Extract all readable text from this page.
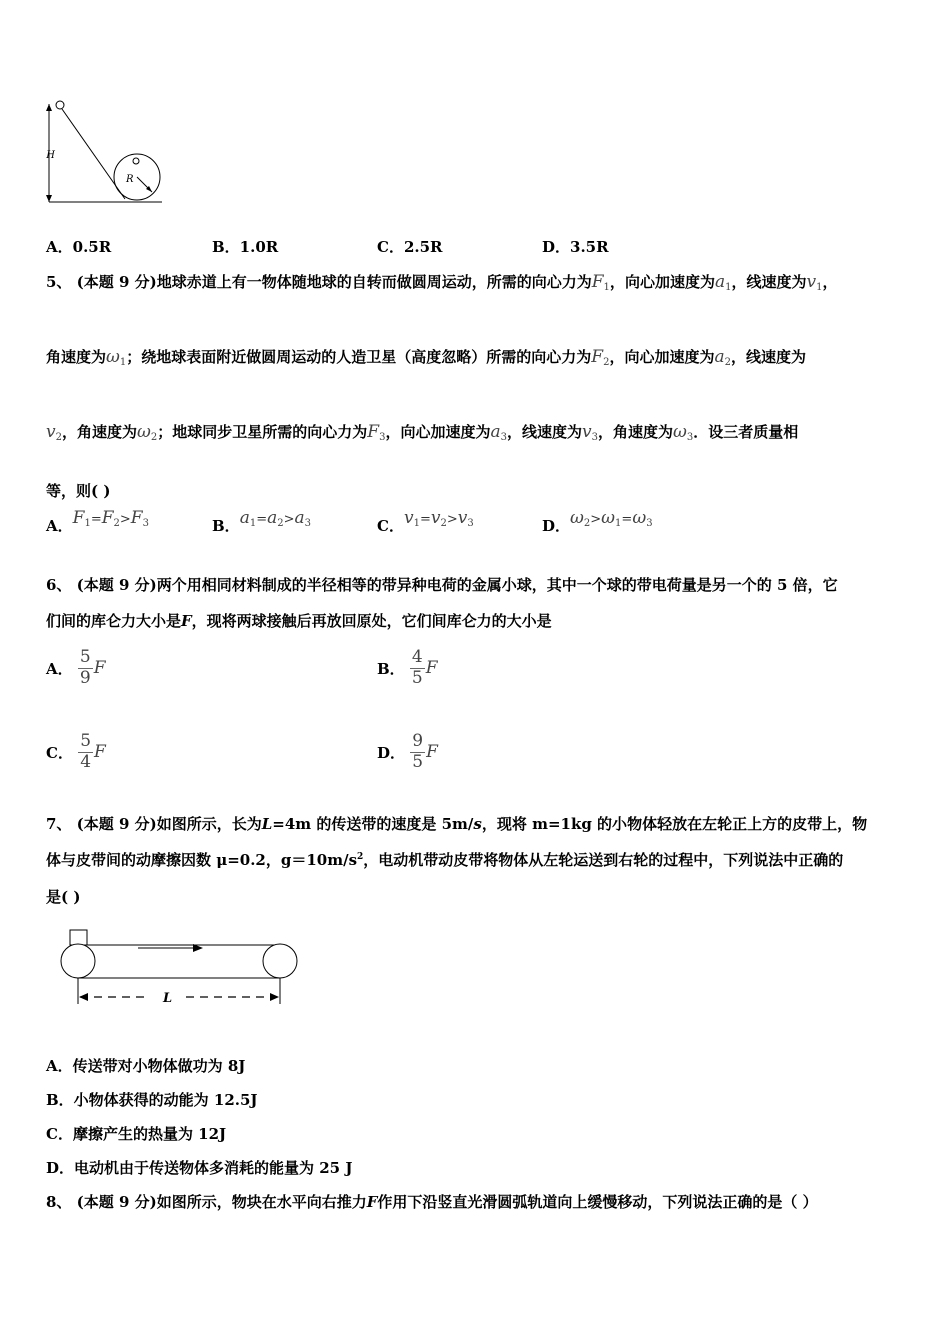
H
R
A．0.5R	B．1.0R	C．2.5R	D．3.5R
5、 (本题 9 分)地球赤道上有一物体随地球的自转而做圆周运动，所需的向心力为$F_1$，向心加速度为$a_1$，线速度为$v_1$，
角速度为$\omega_1$；绕地球表面附近做圆周运动的人造卫星（高度忽略）所需的向心力为$F_2$，向心加速度为$a_2$，线速度为
$v_2$，角速度为$\omega_2$；地球同步卫星所需的向心力为$F_3$，向心加速度为$a_3$，线速度为$v_3$，角速度为$\omega_3$．设三者质量相
等，则( )
A．$F_1=F_2>F_3$	B．$a_1=a_2>a_3$	C．$v_1=v_2>v_3$	D．$\omega_2>\omega_1=\omega_3$
6、 (本题 9 分)两个用相同材料制成的半径相等的带异种电荷的金属小球，其中一个球的带电荷量是另一个的 5 倍，它
们间的库仑力大小是F，现将两球接触后再放回原处，它们间库仑力的大小是
A． $\frac{5}{9}$ F	B． $\frac{4}{5}$ F
C． $\frac{5}{4}$ F	D． $\frac{9}{5}$ F
7、 (本题 9 分)如图所示，长为L=4m 的传送带的速度是 5m/s，现将 m=1kg 的小物体轻放在左轮正上方的皮带上，物
体与皮带间的动摩擦因数 μ=0.2，$g=10m/s^2$，电动机带动皮带将物体从左轮运送到右轮的过程中，下列说法中正确的
是( )
L
A．传送带对小物体做功为 8J
B．小物体获得的动能为 12.5J
C．摩擦产生的热量为 12J
D．电动机由于传送物体多消耗的能量为 25 J
8、 (本题 9 分)如图所示，物块在水平向右推力F作用下沿竖直光滑圆弧轨道向上缓慢移动，下列说法正确的是（ ）
